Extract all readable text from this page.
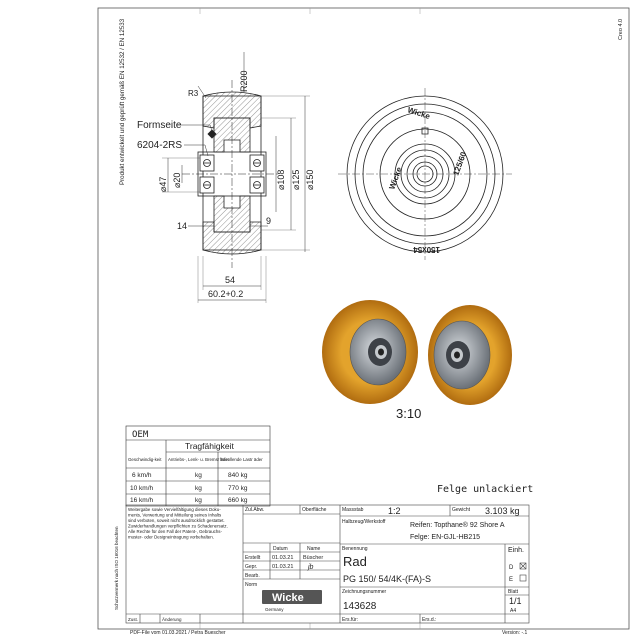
Produkt entwickelt und geprüft gemäß EN 12532 / EN 12533	Creo 4.0
Schutzvermerk nach ISO 16016 beachten
R200
R3
Formseite
6204-2RS
⌀47 ⌀20	⌀108 ⌀125 ⌀150
14	9
54
60.2+0.2
Wicke
Wicke
125/60
150x54
3:10
Felge unlackiert
OEM
Tragfähigkeit
Geschwindig-keit Antriebs-, Lenk- u. Bremsr äder
freirollende Lastr äder
6 km/h	kg	840 kg
10 km/h	kg	770 kg
16 km/h	kg	660 kg
Weitergabe sowie Vervielfältigung dieses Doku-
ments, Verwertung und Mitteilung seines Inhalts
sind verboten, soweit nicht ausdrücklich gestattet.
Zuwiderhandlungen verpflichten zu Schadenersatz.
Alle Rechte für den Fall der Patent-, Gebrauchs-
muster- oder Designeintragung vorbehalten.
Zul.Abw.	Oberfläche	Massstab	1:2	Gewicht 3.103 kg
Halbzeug/Werkstoff	Reifen: Topthane® 92 Shore A
Felge: EN-GJL-HB215
Datum	Name
Erstellt 01.03.21 Büscher
Gepr.	01.03.21 jb
Bearb.
Norm
Benennung
Rad
PG 150/ 54/4K-(FA)-S
Zeichnungsnummer
143628
Einh.
D
E
Blatt
1/1
A4
Wicke
Germany
Zust.	Änderung	Ers.für:	Ers.d.:
PDF-File vom 01.03.2021 / Petra Buescher	Version: -.1
